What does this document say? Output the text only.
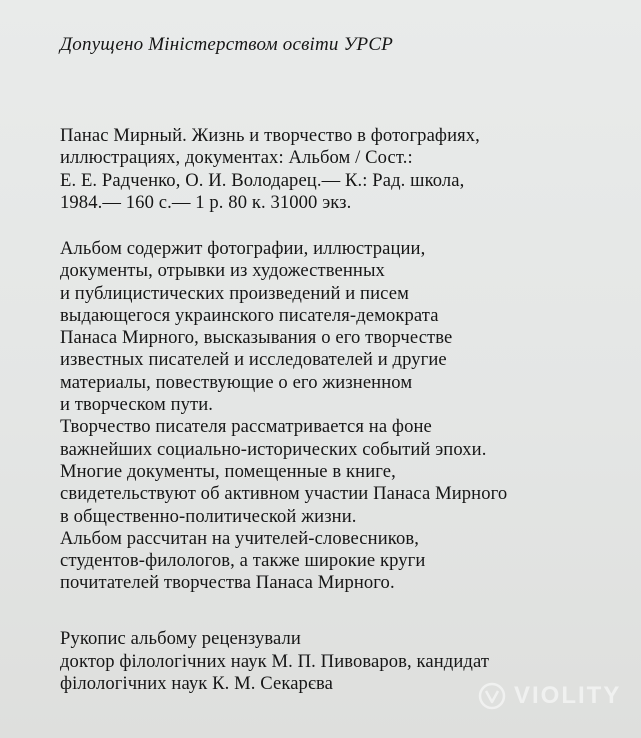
Допущено Міністерством освіти УРСР
Панас Мирный. Жизнь и творчество в фотографиях,
иллюстрациях, документах: Альбом / Сост.:
Е. Е. Радченко, О. И. Володарец.— К.: Рад. школа,
1984.— 160 с.— 1 р. 80 к. 31000 экз.
Альбом содержит фотографии, иллюстрации,
документы, отрывки из художественных
и публицистических произведений и писем
выдающегося украинского писателя-демократа
Панаса Мирного, высказывания о его творчестве
известных писателей и исследователей и другие
материалы, повествующие о его жизненном
и творческом пути.
Творчество писателя рассматривается на фоне
важнейших социально-исторических событий эпохи.
Многие документы, помещенные в книге,
свидетельствуют об активном участии Панаса Мирного
в общественно-политической жизни.
Альбом рассчитан на учителей-словесников,
студентов-филологов, а также широкие круги
почитателей творчества Панаса Мирного.
Рукопис альбому рецензували
доктор філологічних наук М. П. Пивоваров, кандидат
філологічних наук К. М. Секарєва	VIOLITY
